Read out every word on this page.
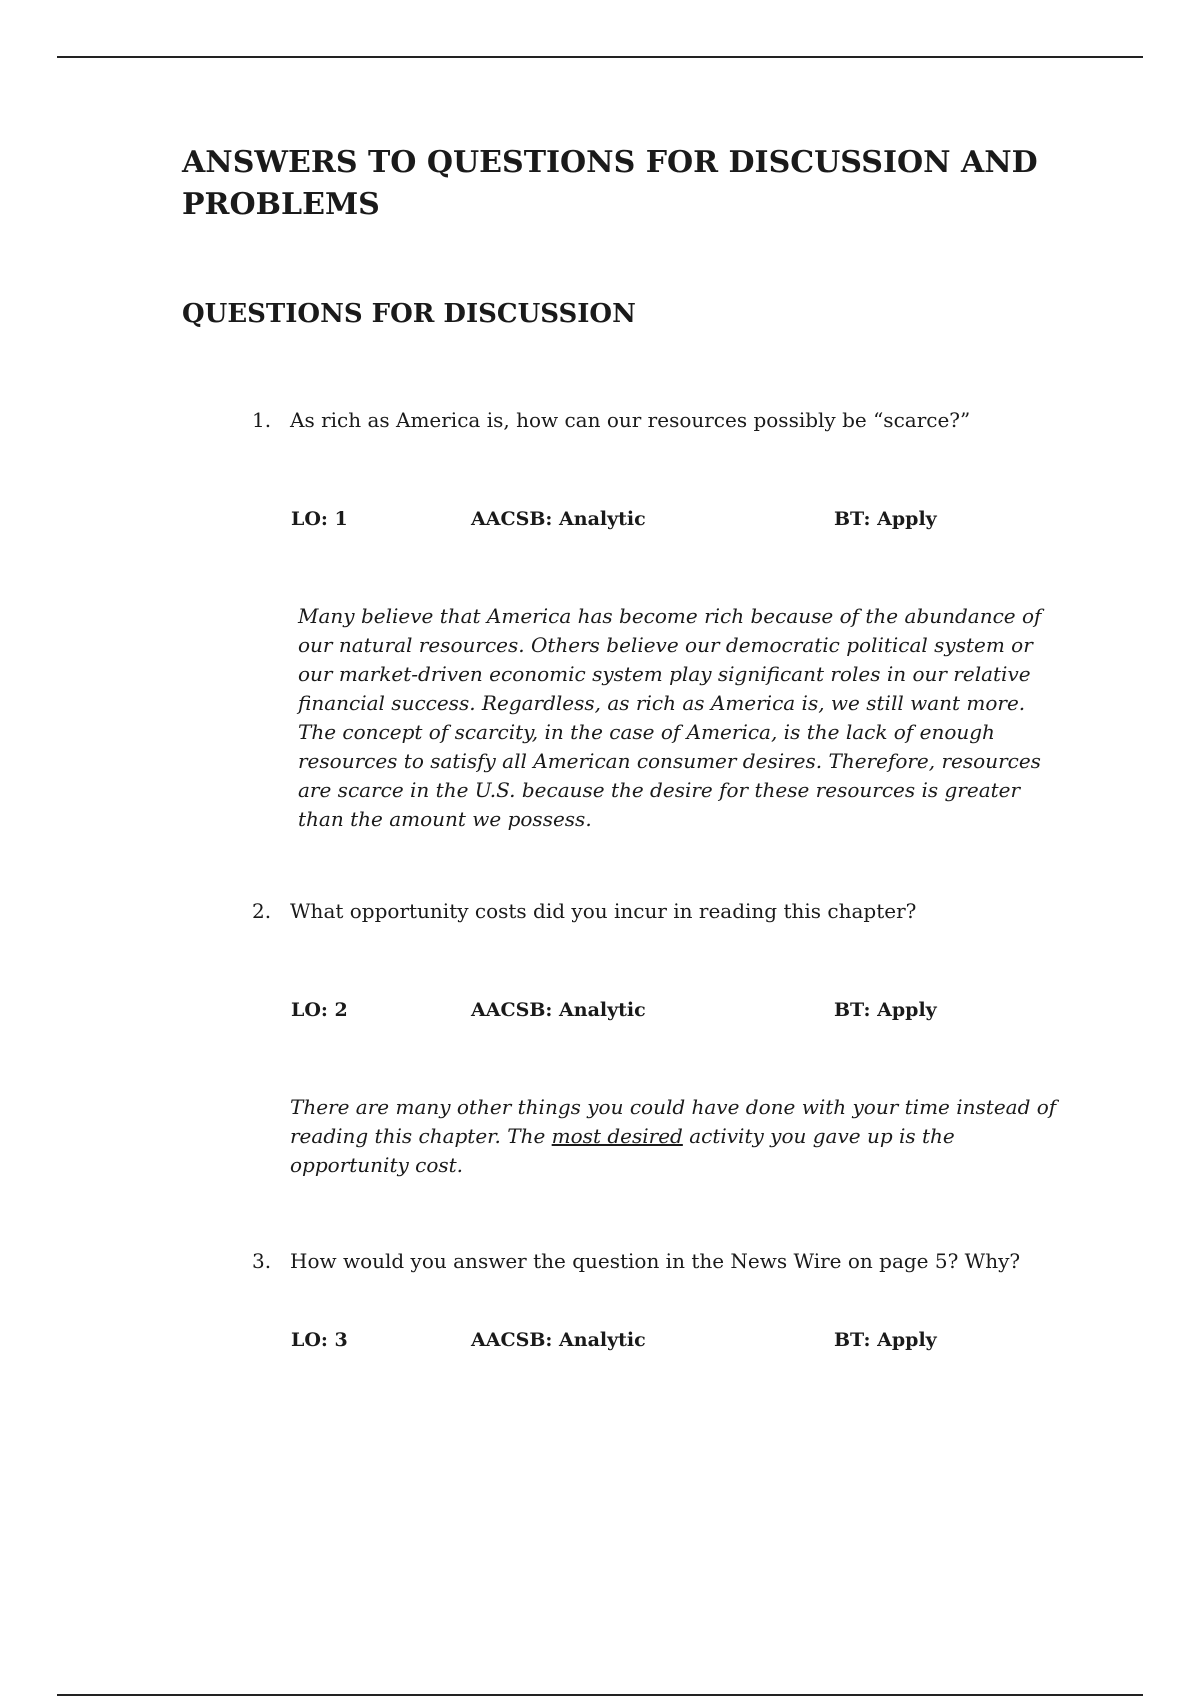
ANSWERS TO QUESTIONS FOR DISCUSSION AND PROBLEMS
QUESTIONS FOR DISCUSSION
1. As rich as America is, how can our resources possibly be “scarce?”
LO: 1	AACSB: Analytic	BT: Apply
Many believe that America has become rich because of the abundance of our natural resources. Others believe our democratic political system or our market-driven economic system play significant roles in our relative financial success. Regardless, as rich as America is, we still want more. The concept of scarcity, in the case of America, is the lack of enough resources to satisfy all American consumer desires. Therefore, resources are scarce in the U.S. because the desire for these resources is greater than the amount we possess.
2. What opportunity costs did you incur in reading this chapter?
LO: 2	AACSB: Analytic	BT: Apply
There are many other things you could have done with your time instead of reading this chapter. The most desired activity you gave up is the opportunity cost.
3. How would you answer the question in the News Wire on page 5? Why?
LO: 3	AACSB: Analytic	BT: Apply
